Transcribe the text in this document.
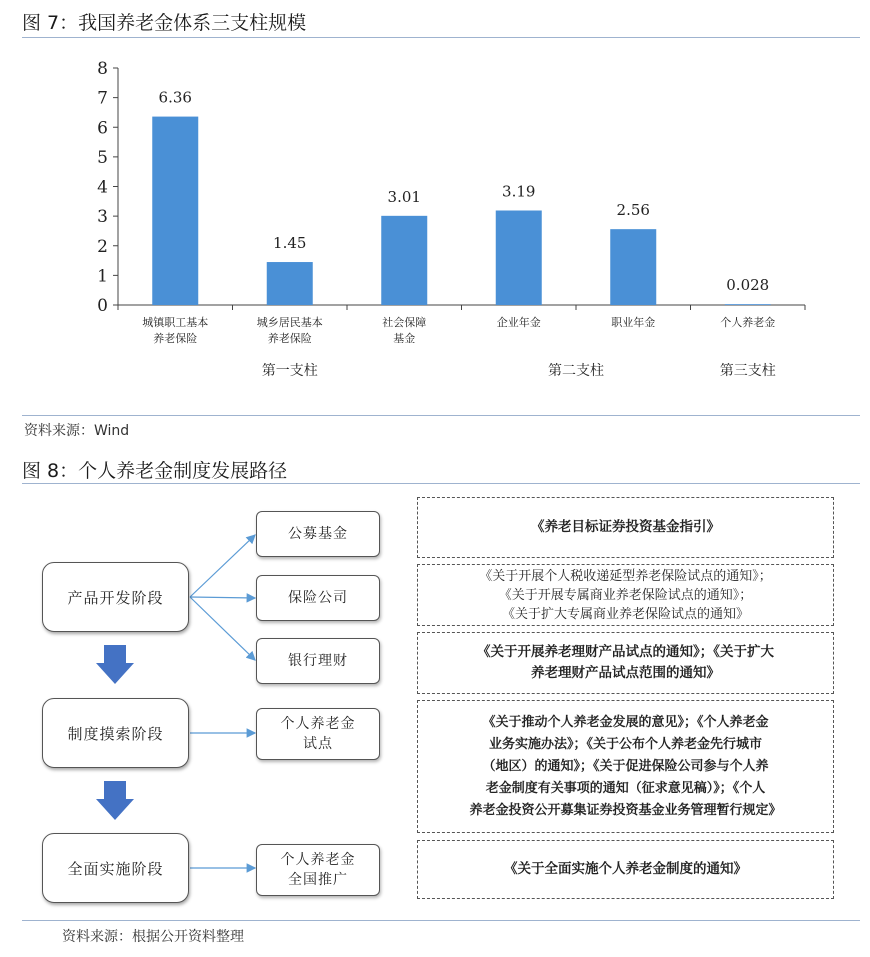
图 7：我国养老金体系三支柱规模
0
1
2
3
4
5
6
7
8
6.36
城镇职工基本
养老保险
1.45
城乡居民基本
养老保险
3.01
社会保障
基金
3.19
企业年金
2.56
职业年金
0.028
个人养老金
第一支柱	第二支柱	第三支柱
资料来源：Wind
图 8：个人养老金制度发展路径
产品开发阶段
制度摸索阶段
全面实施阶段
公募基金
保险公司
银行理财
个人养老金
试点
个人养老金
全国推广
《养老目标证券投资基金指引》
《关于开展个人税收递延型养老保险试点的通知》；
《关于开展专属商业养老保险试点的通知》；
《关于扩大专属商业养老保险试点的通知》
《关于开展养老理财产品试点的通知》；《关于扩大
养老理财产品试点范围的通知》
《关于推动个人养老金发展的意见》；《个人养老金
业务实施办法》；《关于公布个人养老金先行城市
（地区）的通知》；《关于促进保险公司参与个人养
老金制度有关事项的通知（征求意见稿）》；《个人
养老金投资公开募集证券投资基金业务管理暂行规定》
《关于全面实施个人养老金制度的通知》
资料来源：根据公开资料整理
